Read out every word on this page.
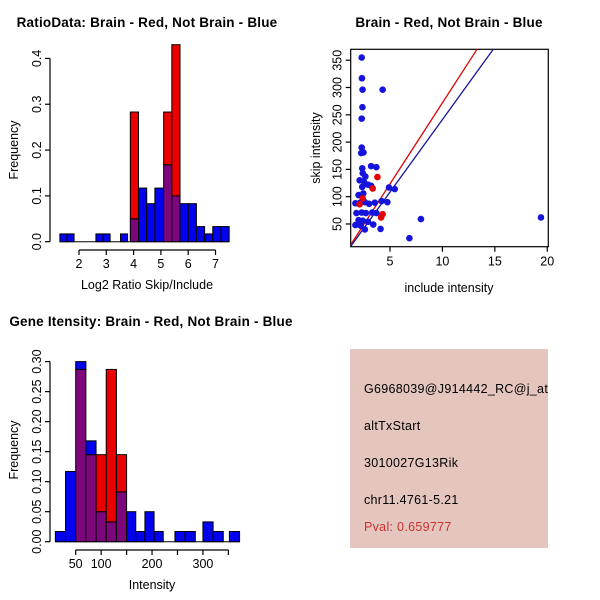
RatioData: Brain - Red, Not Brain - Blue
Log2 Ratio Skip/Include
Frequency
0.0
0.1
0.2
0.3
0.4
2 3 4 5 6 7
Brain - Red, Not Brain - Blue
include intensity
skip intensity
5	10	15	20
50
100
150
200
250
300
350
Gene Itensity: Brain - Red, Not Brain - Blue
Intensity
Frequency
0.00
0.05
0.10
0.15
0.20
0.25
0.30
50 100 200 300
G6968039@J914442_RC@j_at
altTxStart
3010027G13Rik
chr11.4761-5.21
Pval: 0.659777
